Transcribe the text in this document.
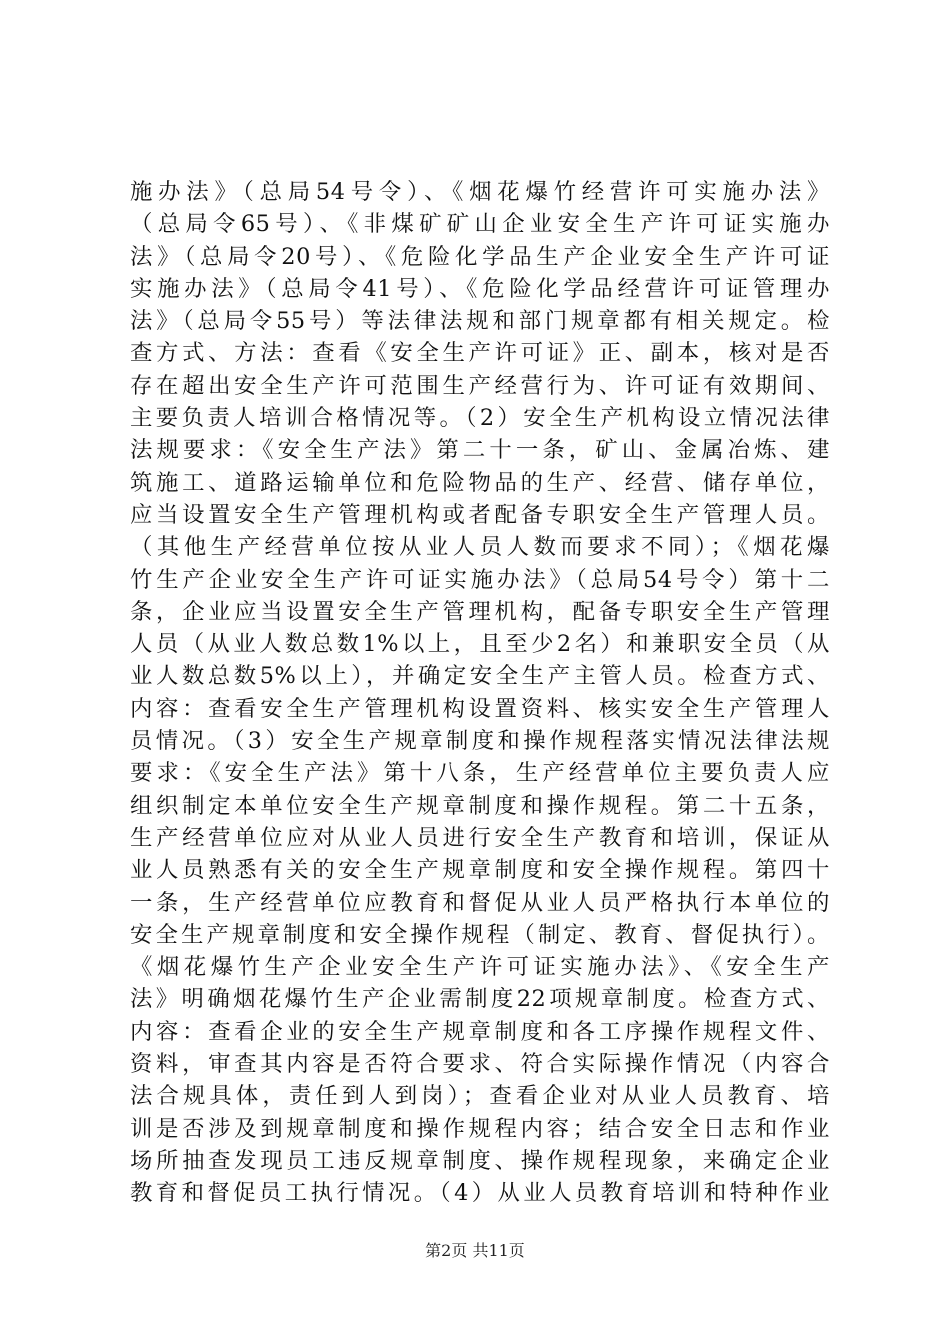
施办法》（总局54号令）、《烟花爆竹经营许可实施办法》
（总局令65号）、《非煤矿矿山企业安全生产许可证实施办
法》（总局令20号）、《危险化学品生产企业安全生产许可证
实施办法》（总局令41号）、《危险化学品经营许可证管理办
法》（总局令55号）等法律法规和部门规章都有相关规定。检
查方式、方法：查看《安全生产许可证》正、副本，核对是否
存在超出安全生产许可范围生产经营行为、许可证有效期间、
主要负责人培训合格情况等。（2）安全生产机构设立情况法律
法规要求：《安全生产法》第二十一条，矿山、金属冶炼、建
筑施工、道路运输单位和危险物品的生产、经营、储存单位，
应当设置安全生产管理机构或者配备专职安全生产管理人员。
（其他生产经营单位按从业人员人数而要求不同）；《烟花爆
竹生产企业安全生产许可证实施办法》（总局54号令）第十二
条，企业应当设置安全生产管理机构，配备专职安全生产管理
人员（从业人数总数1%以上，且至少2名）和兼职安全员（从
业人数总数5%以上），并确定安全生产主管人员。检查方式、
内容：查看安全生产管理机构设置资料、核实安全生产管理人
员情况。（3）安全生产规章制度和操作规程落实情况法律法规
要求：《安全生产法》第十八条，生产经营单位主要负责人应
组织制定本单位安全生产规章制度和操作规程。第二十五条，
生产经营单位应对从业人员进行安全生产教育和培训，保证从
业人员熟悉有关的安全生产规章制度和安全操作规程。第四十
一条，生产经营单位应教育和督促从业人员严格执行本单位的
安全生产规章制度和安全操作规程（制定、教育、督促执行）。
《烟花爆竹生产企业安全生产许可证实施办法》、《安全生产
法》明确烟花爆竹生产企业需制度22项规章制度。检查方式、
内容：查看企业的安全生产规章制度和各工序操作规程文件、
资料，审查其内容是否符合要求、符合实际操作情况（内容合
法合规具体，责任到人到岗）；查看企业对从业人员教育、培
训是否涉及到规章制度和操作规程内容；结合安全日志和作业
场所抽查发现员工违反规章制度、操作规程现象，来确定企业
教育和督促员工执行情况。（4）从业人员教育培训和特种作业
第2页 共11页
